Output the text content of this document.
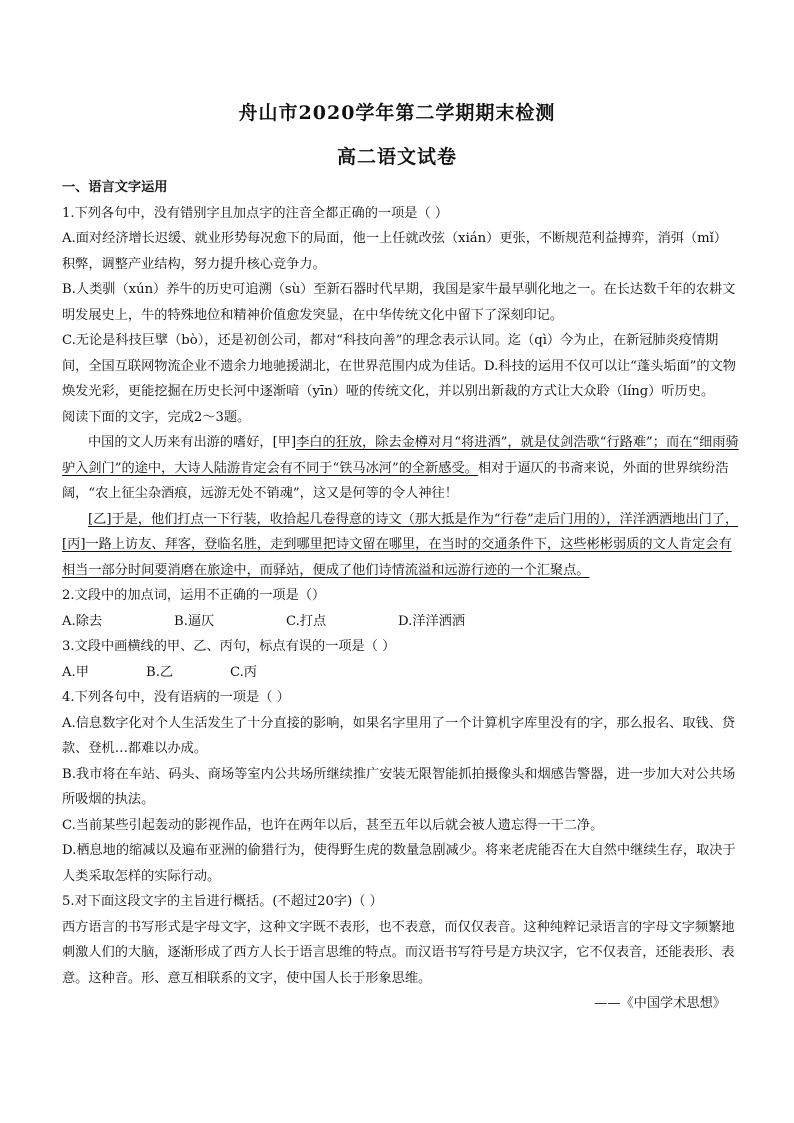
舟山市2020学年第二学期期末检测
高二语文试卷

一、语言文字运用

1.下列各句中，没有错别字且加点字的注音全都正确的一项是（ ）

A.面对经济增长迟缓、就业形势每况愈下的局面，他一上任就改弦（xián）更张，不断规范利益搏弈，消弭（mǐ）积弊，调整产业结构，努力提升核心竞争力。

B.人类驯（xún）养牛的历史可追溯（sù）至新石器时代早期，我国是家牛最早驯化地之一。在长达数千年的农耕文明发展史上，牛的特殊地位和精神价值愈发突显，在中华传统文化中留下了深刻印记。

C.无论是科技巨擘（bò），还是初创公司，都对“科技向善”的理念表示认同。迄（qì）今为止，在新冠肺炎疫情期间，全国互联网物流企业不遗余力地驰援湖北，在世界范围内成为佳话。D.科技的运用不仅可以让“蓬头垢面”的文物焕发光彩，更能挖掘在历史长河中逐渐喑（yīn）哑的传统文化，并以别出新裁的方式让大众聆（líng）听历史。

阅读下面的文字，完成2～3题。

中国的文人历来有出游的嗜好，[甲]李白的狂放，除去金樽对月“将进酒”，就是仗剑浩歌“行路难”；而在“细雨骑驴入剑门”的途中，大诗人陆游肯定会有不同于“铁马冰河”的全新感受。相对于逼仄的书斋来说，外面的世界缤纷浩阔，“农上征尘杂酒痕，远游无处不销魂”，这又是何等的令人神往！

[乙]于是，他们打点一下行装，收拾起几卷得意的诗文（那大抵是作为“行卷”走后门用的），洋洋洒洒地出门了，[丙]一路上访友、拜客，登临名胜，走到哪里把诗文留在哪里，在当时的交通条件下，这些彬彬弱质的文人肯定会有相当一部分时间要消磨在旅途中，而驿站，便成了他们诗情流溢和远游行迹的一个汇聚点。

2.文段中的加点词，运用不正确的一项是（）

A.除去	B.逼仄	C.打点	D.洋洋洒洒

3.文段中画横线的甲、乙、丙句，标点有误的一项是（ ）

A.甲	B.乙	C.丙

4.下列各句中，没有语病的一项是（ ）

A.信息数字化对个人生活发生了十分直接的影响，如果名字里用了一个计算机字库里没有的字，那么报名、取钱、贷款、登机…都难以办成。

B.我市将在车站、码头、商场等室内公共场所继续推广安装无限智能抓拍摄像头和烟感告警器，进一步加大对公共场所吸烟的执法。

C.当前某些引起轰动的影视作品，也许在两年以后，甚至五年以后就会被人遗忘得一干二净。

D.栖息地的缩减以及遍布亚洲的偷猎行为，使得野生虎的数量急剧减少。将来老虎能否在大自然中继续生存，取决于人类采取怎样的实际行动。

5.对下面这段文字的主旨进行概括。(不超过20字)（ ）

西方语言的书写形式是字母文字，这种文字既不表形，也不表意，而仅仅表音。这种纯粹记录语言的字母文字频繁地刺激人们的大脑，逐渐形成了西方人长于语言思维的特点。而汉语书写符号是方块汉字，它不仅表音，还能表形、表意。这种音。形、意互相联系的文字，使中国人长于形象思维。

——《中国学术思想》
